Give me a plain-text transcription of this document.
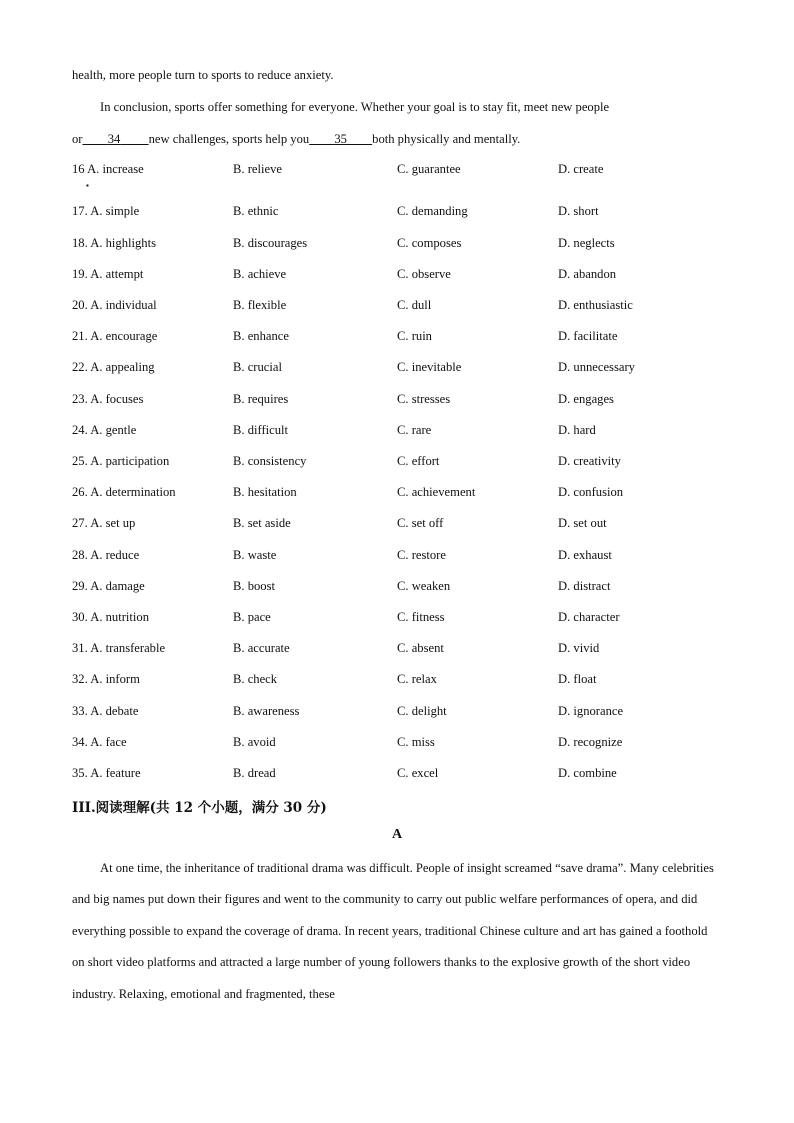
health, more people turn to sports to reduce anxiety.
In conclusion, sports offer something for everyone. Whether your goal is to stay fit, meet new people
or 34 new challenges, sports help you 35 both physically and mentally.
16 A. increase	B. relieve	C. guarantee	D. create
17. A. simple	B. ethnic	C. demanding	D. short
18. A. highlights	B. discourages	C. composes	D. neglects
19. A. attempt	B. achieve	C. observe	D. abandon
20. A. individual	B. flexible	C. dull	D. enthusiastic
21. A. encourage	B. enhance	C. ruin	D. facilitate
22. A. appealing	B. crucial	C. inevitable	D. unnecessary
23. A. focuses	B. requires	C. stresses	D. engages
24. A. gentle	B. difficult	C. rare	D. hard
25. A. participation	B. consistency	C. effort	D. creativity
26. A. determination	B. hesitation	C. achievement	D. confusion
27. A. set up	B. set aside	C. set off	D. set out
28. A. reduce	B. waste	C. restore	D. exhaust
29. A. damage	B. boost	C. weaken	D. distract
30. A. nutrition	B. pace	C. fitness	D. character
31. A. transferable	B. accurate	C. absent	D. vivid
32. A. inform	B. check	C. relax	D. float
33. A. debate	B. awareness	C. delight	D. ignorance
34. A. face	B. avoid	C. miss	D. recognize
35. A. feature	B. dread	C. excel	D. combine
▪
III.阅读理解(共 12 个小题，满分 30 分)
A
At one time, the inheritance of traditional drama was difficult. People of insight screamed “save drama”. Many celebrities and big names put down their figures and went to the community to carry out public welfare performances of opera, and did everything possible to expand the coverage of drama. In recent years, traditional Chinese culture and art has gained a foothold on short video platforms and attracted a large number of young followers thanks to the explosive growth of the short video industry. Relaxing, emotional and fragmented, these
